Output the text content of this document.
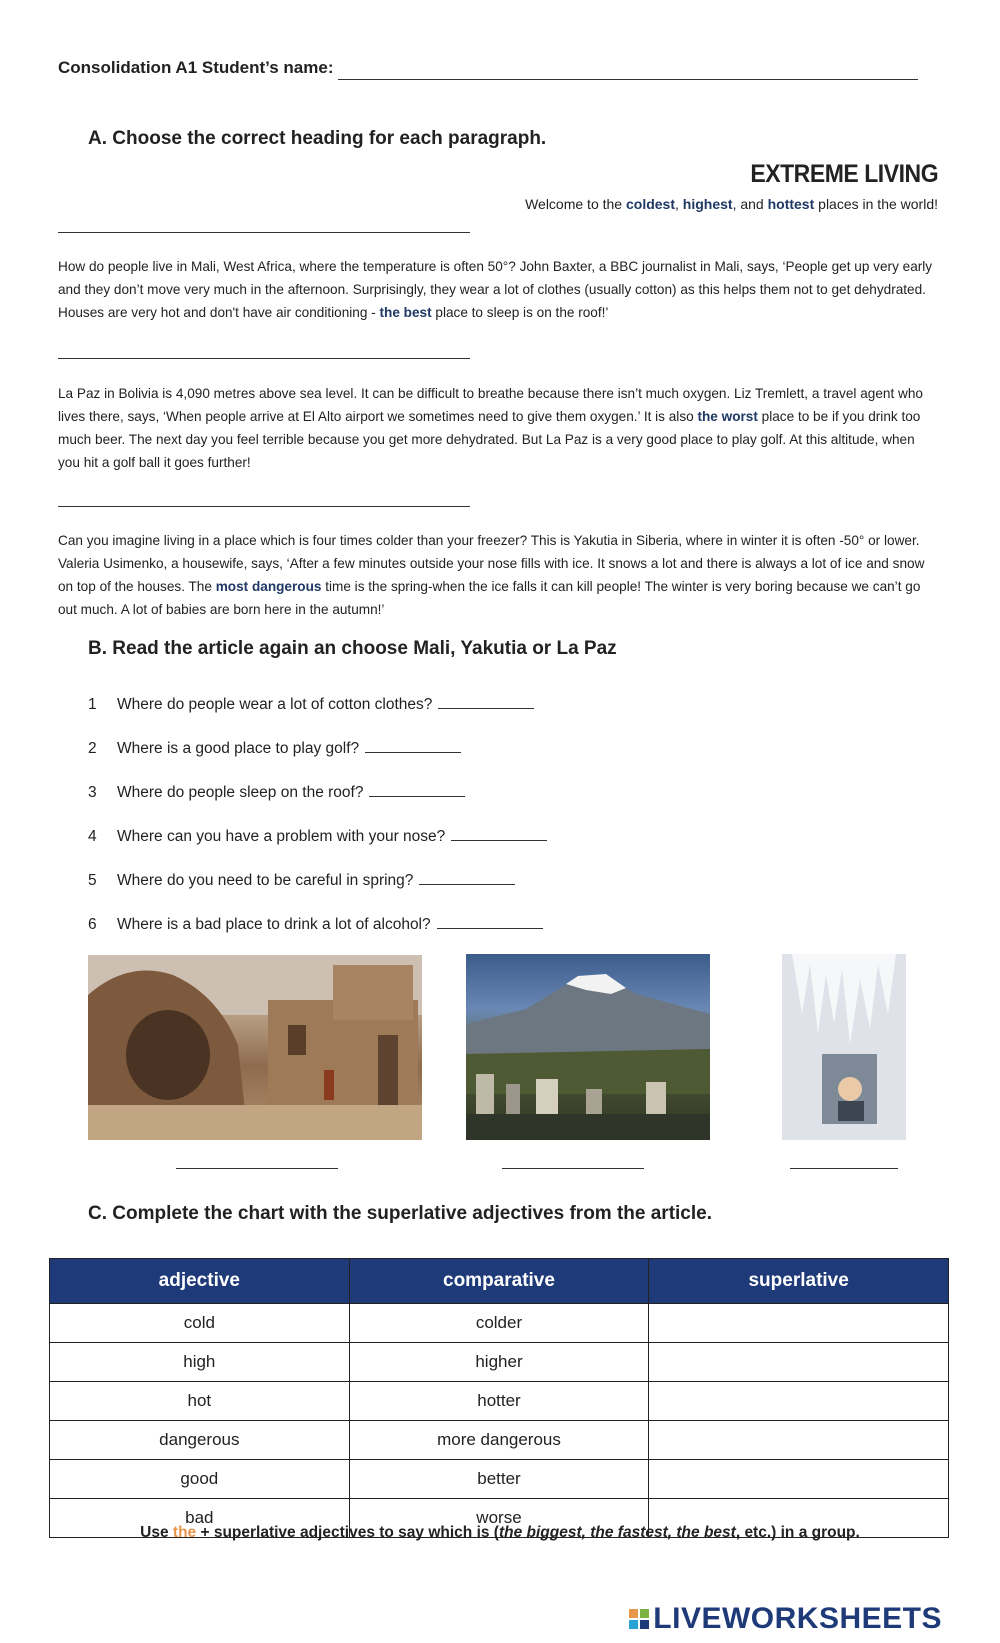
Consolidation A1 Student’s name:
A. Choose the correct heading for each paragraph.
EXTREME LIVING
Welcome to the coldest, highest, and hottest places in the world!
How do people live in Mali, West Africa, where the temperature is often 50°? John Baxter, a BBC journalist in Mali, says, ‘People get up very early and they don’t move very much in the afternoon. Surprisingly, they wear a lot of clothes (usually cotton) as this helps them not to get dehydrated. Houses are very hot and don't have air conditioning - the best place to sleep is on the roof!’
La Paz in Bolivia is 4,090 metres above sea level. It can be difficult to breathe because there isn’t much oxygen. Liz Tremlett, a travel agent who lives there, says, ‘When people arrive at El Alto airport we sometimes need to give them oxygen.’ It is also the worst place to be if you drink too much beer. The next day you feel terrible because you get more dehydrated. But La Paz is a very good place to play golf. At this altitude, when you hit a golf ball it goes further!
Can you imagine living in a place which is four times colder than your freezer? This is Yakutia in Siberia, where in winter it is often -50° or lower. Valeria Usimenko, a housewife, says, ‘After a few minutes outside your nose fills with ice. It snows a lot and there is always a lot of ice and snow on top of the houses. The most dangerous time is the spring-when the ice falls it can kill people! The winter is very boring because we can’t go out much. A lot of babies are born here in the autumn!’
B. Read the article again an choose Mali, Yakutia or La Paz
1 Where do people wear a lot of cotton clothes?
2 Where is a good place to play golf?
3 Where do people sleep on the roof?
4 Where can you have a problem with your nose?
5 Where do you need to be careful in spring?
6 Where is a bad place to drink a lot of alcohol?
C. Complete the chart with the superlative adjectives from the article.
adjective	comparative	superlative
cold	colder	
high	higher	
hot	hotter	
dangerous	more dangerous	
good	better	
bad	worse	
Use the + superlative adjectives to say which is (the biggest, the fastest, the best, etc.) in a group.
LIVEWORKSHEETS
